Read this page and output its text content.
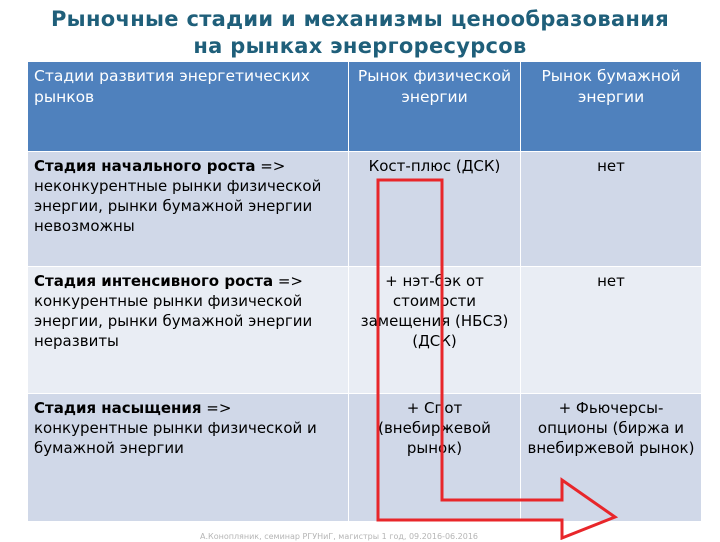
Рыночные стадии и механизмы ценообразования
на рынках энергоресурсов
Стадии развития энергетических рынков	Рынок физической энергии	Рынок бумажной энергии
Стадия начального роста => неконкурентные рынки физической энергии, рынки бумажной энергии невозможны	Кост-плюс (ДСК)	нет
Стадия интенсивного роста => конкурентные рынки физической энергии, рынки бумажной энергии неразвиты	+ нэт-бэк от стоимости замещения (НБСЗ) (ДСК)	нет
Стадия насыщения => конкурентные рынки физической и бумажной энергии	+ Спот (внебиржевой рынок)	+ Фьючерсы-опционы (биржа и внебиржевой рынок)
А.Конопляник, семинар РГУНиГ, магистры 1 год, 09.2016-06.2016
